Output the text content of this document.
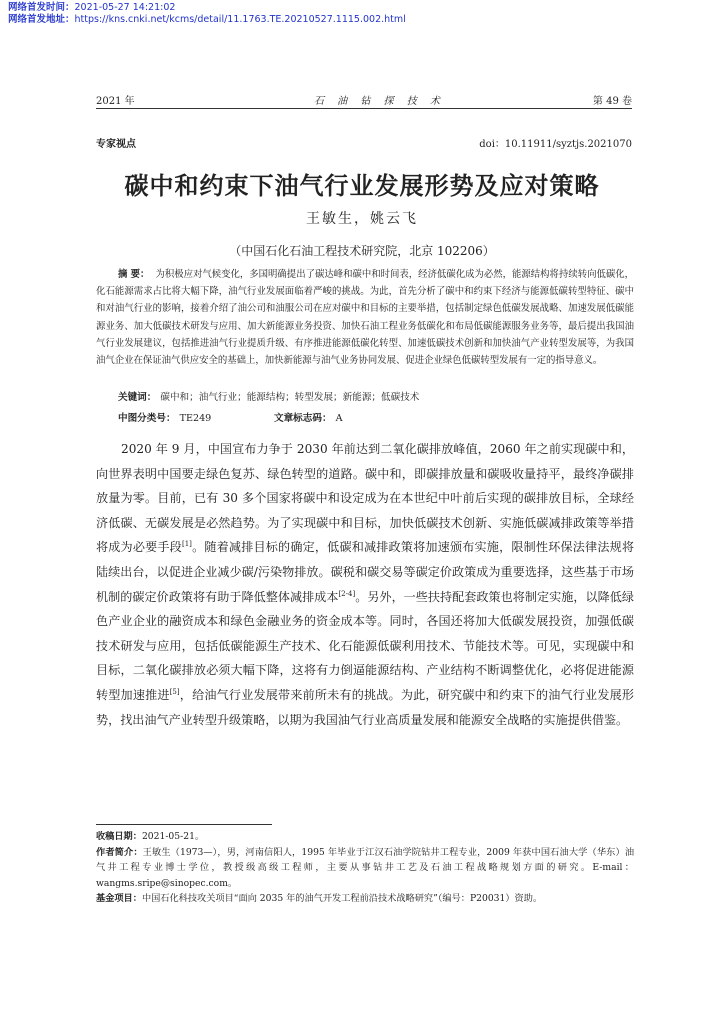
网络首发时间：2021-05-27 14:21:02
网络首发地址：https://kns.cnki.net/kcms/detail/11.1763.TE.20210527.1115.002.html
2021 年	石 油 钻 探 技 术	第 49 卷
专家视点	doi：10.11911/syztjs.2021070
碳中和约束下油气行业发展形势及应对策略
王敏生，姚云飞
（中国石化石油工程技术研究院，北京 102206）
摘 要： 为积极应对气候变化，多国明确提出了碳达峰和碳中和时间表，经济低碳化成为必然，能源结构将持续转向低碳化，化石能源需求占比将大幅下降，油气行业发展面临着严峻的挑战。为此，首先分析了碳中和约束下经济与能源低碳转型特征、碳中和对油气行业的影响，接着介绍了油公司和油服公司在应对碳中和目标的主要举措，包括制定绿色低碳发展战略、加速发展低碳能源业务、加大低碳技术研发与应用、加大新能源业务投资、加快石油工程业务低碳化和布局低碳能源服务业务等，最后提出我国油气行业发展建议，包括推进油气行业提质升级、有序推进能源低碳化转型、加速低碳技术创新和加快油气产业转型发展等，为我国油气企业在保证油气供应安全的基础上，加快新能源与油气业务协同发展、促进企业绿色低碳转型发展有一定的指导意义。
关键词： 碳中和；油气行业；能源结构；转型发展；新能源；低碳技术
中图分类号： TE249	文章标志码： A
2020 年 9 月，中国宣布力争于 2030 年前达到二氧化碳排放峰值，2060 年之前实现碳中和，向世界表明中国要走绿色复苏、绿色转型的道路。碳中和，即碳排放量和碳吸收量持平，最终净碳排放量为零。目前，已有 30 多个国家将碳中和设定成为在本世纪中叶前后实现的碳排放目标，全球经济低碳、无碳发展是必然趋势。为了实现碳中和目标，加快低碳技术创新、实施低碳减排政策等举措将成为必要手段[1]。随着减排目标的确定，低碳和减排政策将加速颁布实施，限制性环保法律法规将陆续出台，以促进企业减少碳/污染物排放。碳税和碳交易等碳定价政策成为重要选择，这些基于市场机制的碳定价政策将有助于降低整体减排成本[2-4]。另外，一些扶持配套政策也将制定实施，以降低绿色产业企业的融资成本和绿色金融业务的资金成本等。同时，各国还将加大低碳发展投资，加强低碳技术研发与应用，包括低碳能源生产技术、化石能源低碳利用技术、节能技术等。可见，实现碳中和目标，二氧化碳排放必须大幅下降，这将有力倒逼能源结构、产业结构不断调整优化，必将促进能源转型加速推进[5]，给油气行业发展带来前所未有的挑战。为此，研究碳中和约束下的油气行业发展形势，找出油气产业转型升级策略，以期为我国油气行业高质量发展和能源安全战略的实施提供借鉴。
收稿日期：2021-05-21。
作者简介：王敏生（1973—），男，河南信阳人，1995 年毕业于江汉石油学院钻井工程专业，2009 年获中国石油大学（华东）油气井工程专业博士学位，教授级高级工程师，主要从事钻井工艺及石油工程战略规划方面的研究。E-mail：wangms.sripe@sinopec.com。
基金项目：中国石化科技攻关项目“面向 2035 年的油气开发工程前沿技术战略研究”（编号：P20031）资助。
